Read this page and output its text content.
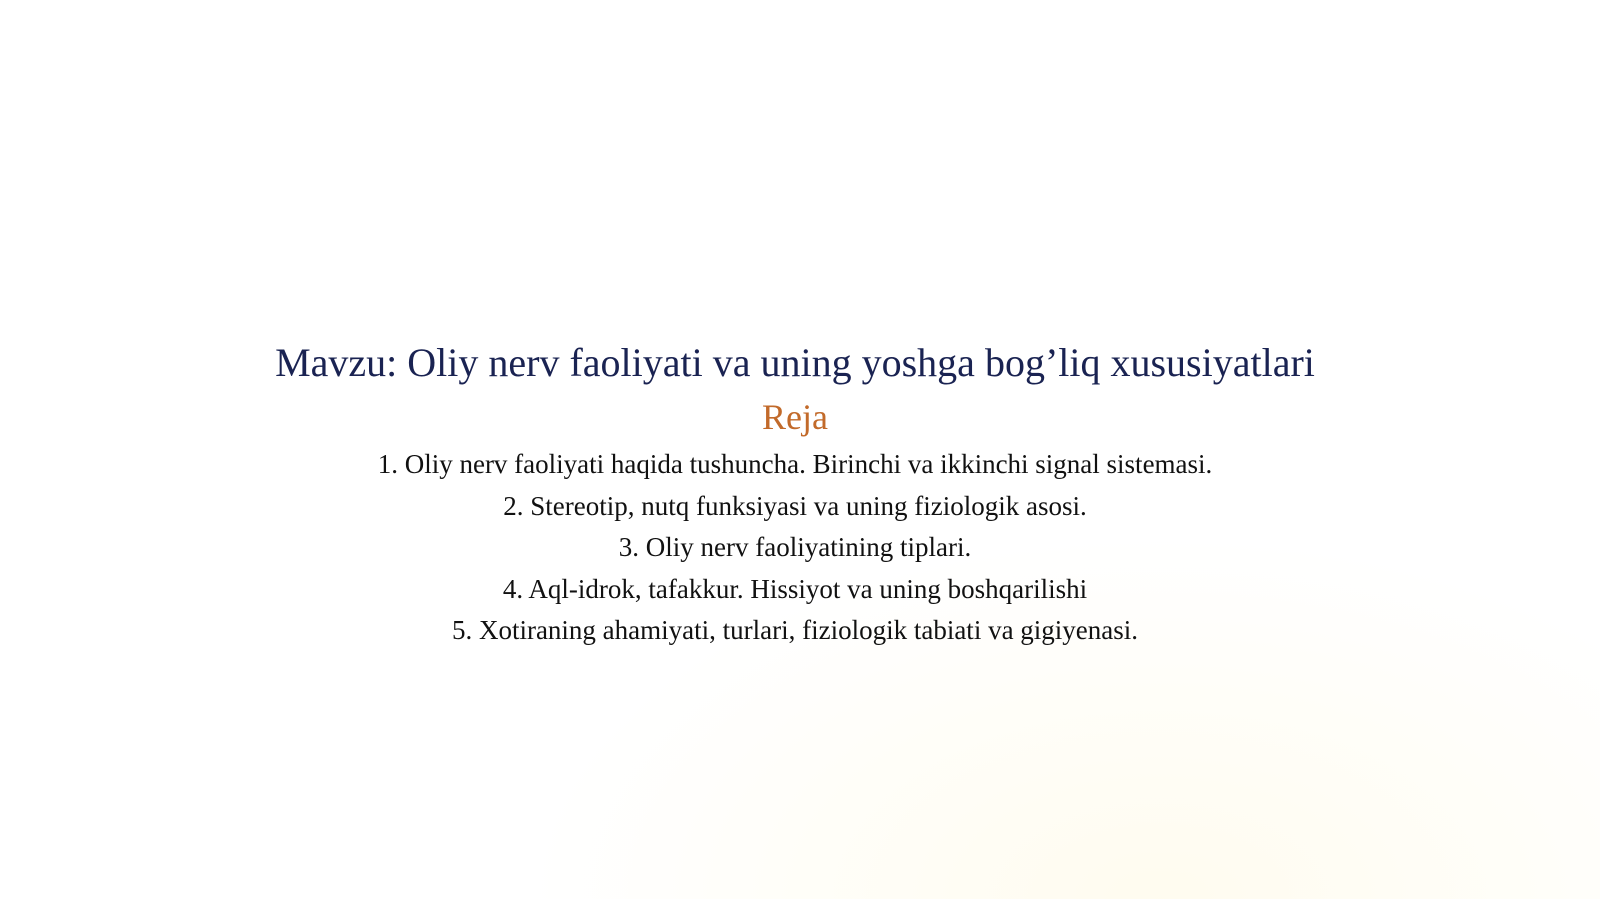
Mavzu: Oliy nerv faoliyati va uning yoshga bog’liq xususiyatlari
Reja
1. Oliy nerv faoliyati haqida tushuncha. Birinchi va ikkinchi signal sistemasi.
2. Stereotip, nutq funksiyasi va uning fiziologik asosi.
3. Oliy nerv faoliyatining tiplari.
4. Aql-idrok, tafakkur. Hissiyot va uning boshqarilishi
5. Xotiraning ahamiyati, turlari, fiziologik tabiati va gigiyenasi.
